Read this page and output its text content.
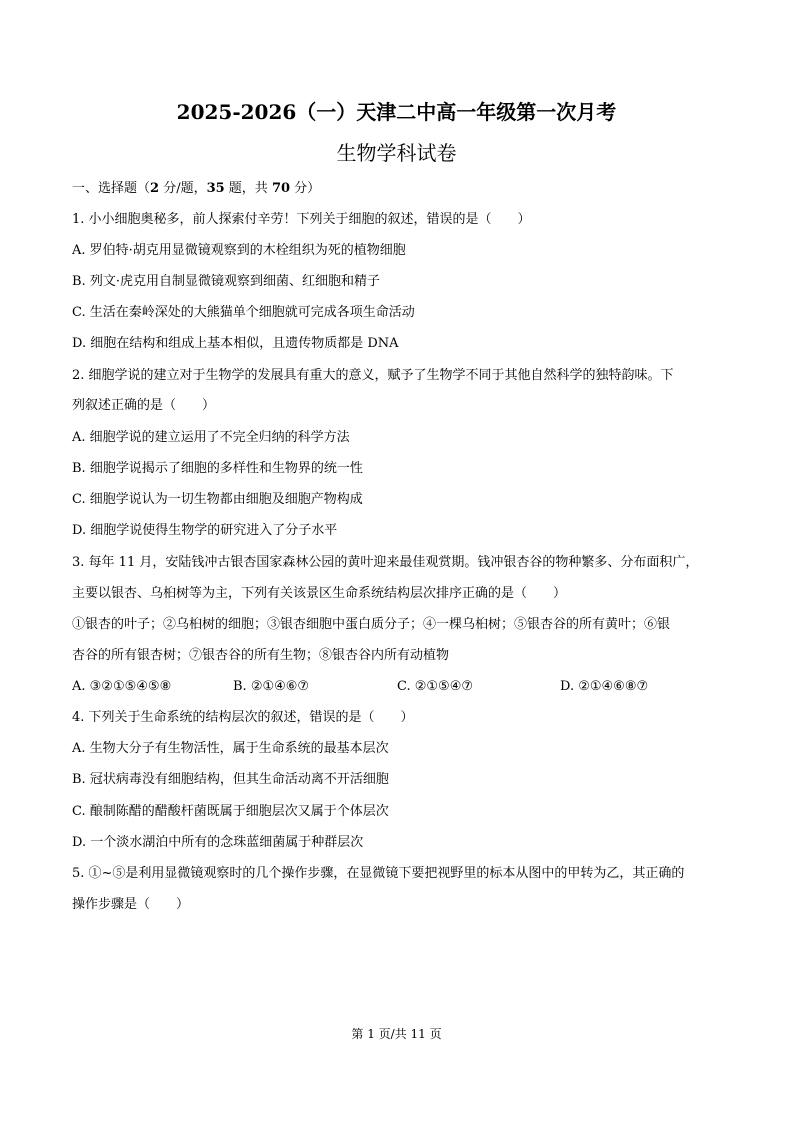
2025-2026（一）天津二中高一年级第一次月考
生物学科试卷
一、选择题（2 分/题，35 题，共 70 分）
1. 小小细胞奥秘多，前人探索付辛劳！下列关于细胞的叙述，错误的是（　　）
A. 罗伯特·胡克用显微镜观察到的木栓组织为死的植物细胞
B. 列文·虎克用自制显微镜观察到细菌、红细胞和精子
C. 生活在秦岭深处的大熊猫单个细胞就可完成各项生命活动
D. 细胞在结构和组成上基本相似，且遗传物质都是 DNA
2. 细胞学说的建立对于生物学的发展具有重大的意义，赋予了生物学不同于其他自然科学的独特韵味。下
列叙述正确的是（　　）
A. 细胞学说的建立运用了不完全归纳的科学方法
B. 细胞学说揭示了细胞的多样性和生物界的统一性
C. 细胞学说认为一切生物都由细胞及细胞产物构成
D. 细胞学说使得生物学的研究进入了分子水平
3. 每年 11 月，安陆钱冲古银杏国家森林公园的黄叶迎来最佳观赏期。钱冲银杏谷的物种繁多、分布面积广，
主要以银杏、乌桕树等为主，下列有关该景区生命系统结构层次排序正确的是（　　）
①银杏的叶子；②乌桕树的细胞；③银杏细胞中蛋白质分子；④一棵乌桕树；⑤银杏谷的所有黄叶；⑥银
杏谷的所有银杏树；⑦银杏谷的所有生物；⑧银杏谷内所有动植物
A. ③②①⑤④⑤⑧	B. ②①④⑥⑦	C. ②①⑤④⑦	D. ②①④⑥⑧⑦
4. 下列关于生命系统的结构层次的叙述，错误的是（　　）
A. 生物大分子有生物活性，属于生命系统的最基本层次
B. 冠状病毒没有细胞结构，但其生命活动离不开活细胞
C. 酿制陈醋的醋酸杆菌既属于细胞层次又属于个体层次
D. 一个淡水湖泊中所有的念珠蓝细菌属于种群层次
5. ①~⑤是利用显微镜观察时的几个操作步骤，在显微镜下要把视野里的标本从图中的甲转为乙，其正确的
操作步骤是（　　）
第 1 页/共 11 页
